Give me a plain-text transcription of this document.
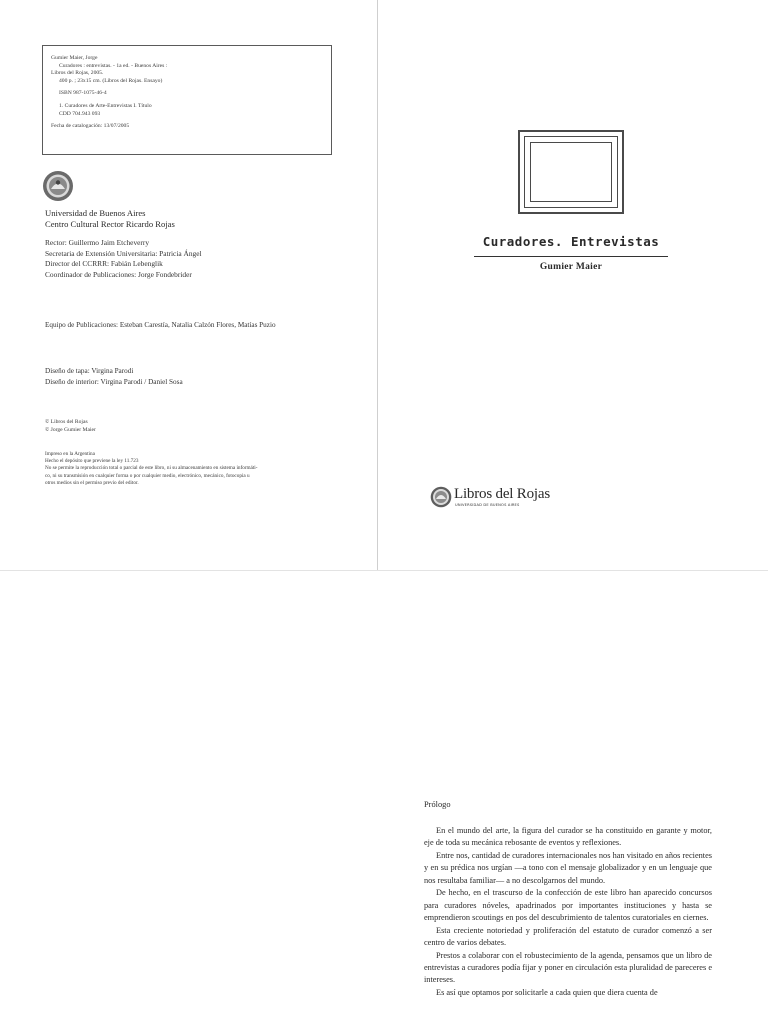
Gumier Maier, Jorge
Curadores : entrevistas. - 1a ed. - Buenos Aires :
Libros del Rojas, 2005.
400 p. ; 23x15 cm. (Libros del Rojas. Ensayo)
ISBN 987-1075-46-4
1. Curadores de Arte-Entrevistas I. Título
CDD 704.943 093
Fecha de catalogación: 13/07/2005
Universidad de Buenos Aires
Centro Cultural Rector Ricardo Rojas
Rector: Guillermo Jaim Etcheverry
Secretaria de Extensión Universitaria: Patricia Ángel
Director del CCRRR: Fabián Lebenglik
Coordinador de Publicaciones: Jorge Fondebrider
Equipo de Publicaciones: Esteban Carestía, Natalia Calzón Flores, Matías Puzio
Diseño de tapa: Virgina Parodi
Diseño de interior: Virgina Parodi / Daniel Sosa
© Libros del Rojas
© Jorge Gumier Maier
Impreso en la Argentina
Hecho el depósito que previene la ley 11.723
No se permite la reproducción total o parcial de este libro, ni su almacenamiento en sistema informáti-
co, ni su transmisión en cualquier forma o por cualquier medio, electrónico, mecánico, fotocopia u
otros medios sin el permiso previo del editor.
Curadores. Entrevistas
Gumier Maier
Libros del Rojas
UNIVERSIDAD DE BUENOS AIRES
Prólogo

En el mundo del arte, la figura del curador se ha constituido en garante y motor, eje de toda su mecánica rebosante de eventos y reflexiones.

Entre nos, cantidad de curadores internacionales nos han visitado en años recientes y en su prédica nos urgían —a tono con el mensaje globalizador y en un lenguaje que nos resultaba familiar— a no descolgarnos del mundo.

De hecho, en el trascurso de la confección de este libro han aparecido concursos para curadores nóveles, apadrinados por importantes instituciones y hasta se emprendieron scoutings en pos del descubrimiento de talentos curatoriales en ciernes.

Esta creciente notoriedad y proliferación del estatuto de curador comenzó a ser centro de varios debates.

Prestos a colaborar con el robustecimiento de la agenda, pensamos que un libro de entrevistas a curadores podía fijar y poner en circulación esta pluralidad de pareceres e intereses.

Es así que optamos por solicitarle a cada quien que diera cuenta de
